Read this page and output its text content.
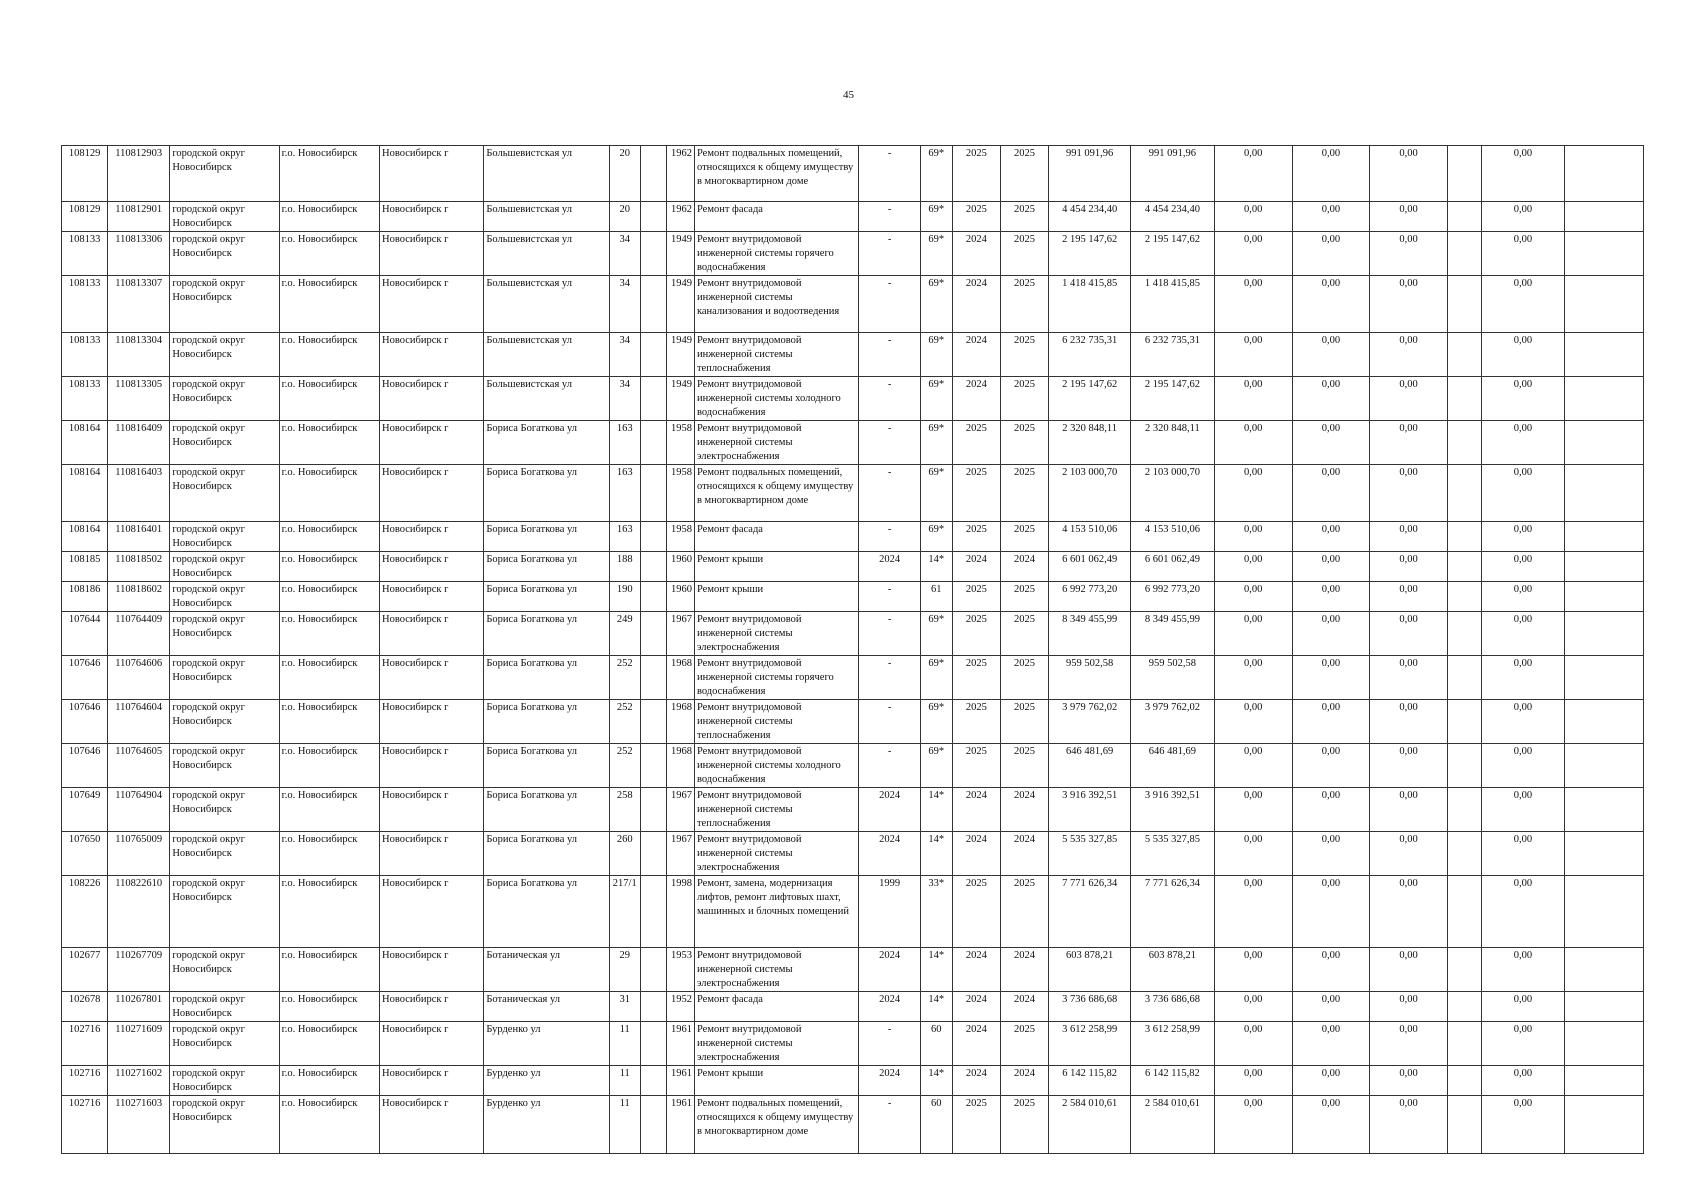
45
108129	110812903	городской округ Новосибирск	г.о. Новосибирск	Новосибирск г	Большевистская ул	20		1962	Ремонт подвальных помещений, относящихся к общему имуществу в многоквартирном доме	-	69*	2025	2025	991 091,96	991 091,96	0,00	0,00	0,00		0,00	
108129	110812901	городской округ Новосибирск	г.о. Новосибирск	Новосибирск г	Большевистская ул	20		1962	Ремонт фасада	-	69*	2025	2025	4 454 234,40	4 454 234,40	0,00	0,00	0,00		0,00	
108133	110813306	городской округ Новосибирск	г.о. Новосибирск	Новосибирск г	Большевистская ул	34		1949	Ремонт внутридомовой инженерной системы горячего водоснабжения	-	69*	2024	2025	2 195 147,62	2 195 147,62	0,00	0,00	0,00		0,00	
108133	110813307	городской округ Новосибирск	г.о. Новосибирск	Новосибирск г	Большевистская ул	34		1949	Ремонт внутридомовой инженерной системы канализования и водоотведения	-	69*	2024	2025	1 418 415,85	1 418 415,85	0,00	0,00	0,00		0,00	
108133	110813304	городской округ Новосибирск	г.о. Новосибирск	Новосибирск г	Большевистская ул	34		1949	Ремонт внутридомовой инженерной системы теплоснабжения	-	69*	2024	2025	6 232 735,31	6 232 735,31	0,00	0,00	0,00		0,00	
108133	110813305	городской округ Новосибирск	г.о. Новосибирск	Новосибирск г	Большевистская ул	34		1949	Ремонт внутридомовой инженерной системы холодного водоснабжения	-	69*	2024	2025	2 195 147,62	2 195 147,62	0,00	0,00	0,00		0,00	
108164	110816409	городской округ Новосибирск	г.о. Новосибирск	Новосибирск г	Бориса Богаткова ул	163		1958	Ремонт внутридомовой инженерной системы электроснабжения	-	69*	2025	2025	2 320 848,11	2 320 848,11	0,00	0,00	0,00		0,00	
108164	110816403	городской округ Новосибирск	г.о. Новосибирск	Новосибирск г	Бориса Богаткова ул	163		1958	Ремонт подвальных помещений, относящихся к общему имуществу в многоквартирном доме	-	69*	2025	2025	2 103 000,70	2 103 000,70	0,00	0,00	0,00		0,00	
108164	110816401	городской округ Новосибирск	г.о. Новосибирск	Новосибирск г	Бориса Богаткова ул	163		1958	Ремонт фасада	-	69*	2025	2025	4 153 510,06	4 153 510,06	0,00	0,00	0,00		0,00	
108185	110818502	городской округ Новосибирск	г.о. Новосибирск	Новосибирск г	Бориса Богаткова ул	188		1960	Ремонт крыши	2024	14*	2024	2024	6 601 062,49	6 601 062,49	0,00	0,00	0,00		0,00	
108186	110818602	городской округ Новосибирск	г.о. Новосибирск	Новосибирск г	Бориса Богаткова ул	190		1960	Ремонт крыши	-	61	2025	2025	6 992 773,20	6 992 773,20	0,00	0,00	0,00		0,00	
107644	110764409	городской округ Новосибирск	г.о. Новосибирск	Новосибирск г	Бориса Богаткова ул	249		1967	Ремонт внутридомовой инженерной системы электроснабжения	-	69*	2025	2025	8 349 455,99	8 349 455,99	0,00	0,00	0,00		0,00	
107646	110764606	городской округ Новосибирск	г.о. Новосибирск	Новосибирск г	Бориса Богаткова ул	252		1968	Ремонт внутридомовой инженерной системы горячего водоснабжения	-	69*	2025	2025	959 502,58	959 502,58	0,00	0,00	0,00		0,00	
107646	110764604	городской округ Новосибирск	г.о. Новосибирск	Новосибирск г	Бориса Богаткова ул	252		1968	Ремонт внутридомовой инженерной системы теплоснабжения	-	69*	2025	2025	3 979 762,02	3 979 762,02	0,00	0,00	0,00		0,00	
107646	110764605	городской округ Новосибирск	г.о. Новосибирск	Новосибирск г	Бориса Богаткова ул	252		1968	Ремонт внутридомовой инженерной системы холодного водоснабжения	-	69*	2025	2025	646 481,69	646 481,69	0,00	0,00	0,00		0,00	
107649	110764904	городской округ Новосибирск	г.о. Новосибирск	Новосибирск г	Бориса Богаткова ул	258		1967	Ремонт внутридомовой инженерной системы теплоснабжения	2024	14*	2024	2024	3 916 392,51	3 916 392,51	0,00	0,00	0,00		0,00	
107650	110765009	городской округ Новосибирск	г.о. Новосибирск	Новосибирск г	Бориса Богаткова ул	260		1967	Ремонт внутридомовой инженерной системы электроснабжения	2024	14*	2024	2024	5 535 327,85	5 535 327,85	0,00	0,00	0,00		0,00	
108226	110822610	городской округ Новосибирск	г.о. Новосибирск	Новосибирск г	Бориса Богаткова ул	217/1		1998	Ремонт, замена, модернизация лифтов, ремонт лифтовых шахт, машинных и блочных помещений	1999	33*	2025	2025	7 771 626,34	7 771 626,34	0,00	0,00	0,00		0,00	
102677	110267709	городской округ Новосибирск	г.о. Новосибирск	Новосибирск г	Ботаническая ул	29		1953	Ремонт внутридомовой инженерной системы электроснабжения	2024	14*	2024	2024	603 878,21	603 878,21	0,00	0,00	0,00		0,00	
102678	110267801	городской округ Новосибирск	г.о. Новосибирск	Новосибирск г	Ботаническая ул	31		1952	Ремонт фасада	2024	14*	2024	2024	3 736 686,68	3 736 686,68	0,00	0,00	0,00		0,00	
102716	110271609	городской округ Новосибирск	г.о. Новосибирск	Новосибирск г	Бурденко ул	11		1961	Ремонт внутридомовой инженерной системы электроснабжения	-	60	2024	2025	3 612 258,99	3 612 258,99	0,00	0,00	0,00		0,00	
102716	110271602	городской округ Новосибирск	г.о. Новосибирск	Новосибирск г	Бурденко ул	11		1961	Ремонт крыши	2024	14*	2024	2024	6 142 115,82	6 142 115,82	0,00	0,00	0,00		0,00	
102716	110271603	городской округ Новосибирск	г.о. Новосибирск	Новосибирск г	Бурденко ул	11		1961	Ремонт подвальных помещений, относящихся к общему имуществу в многоквартирном доме	-	60	2025	2025	2 584 010,61	2 584 010,61	0,00	0,00	0,00		0,00	
